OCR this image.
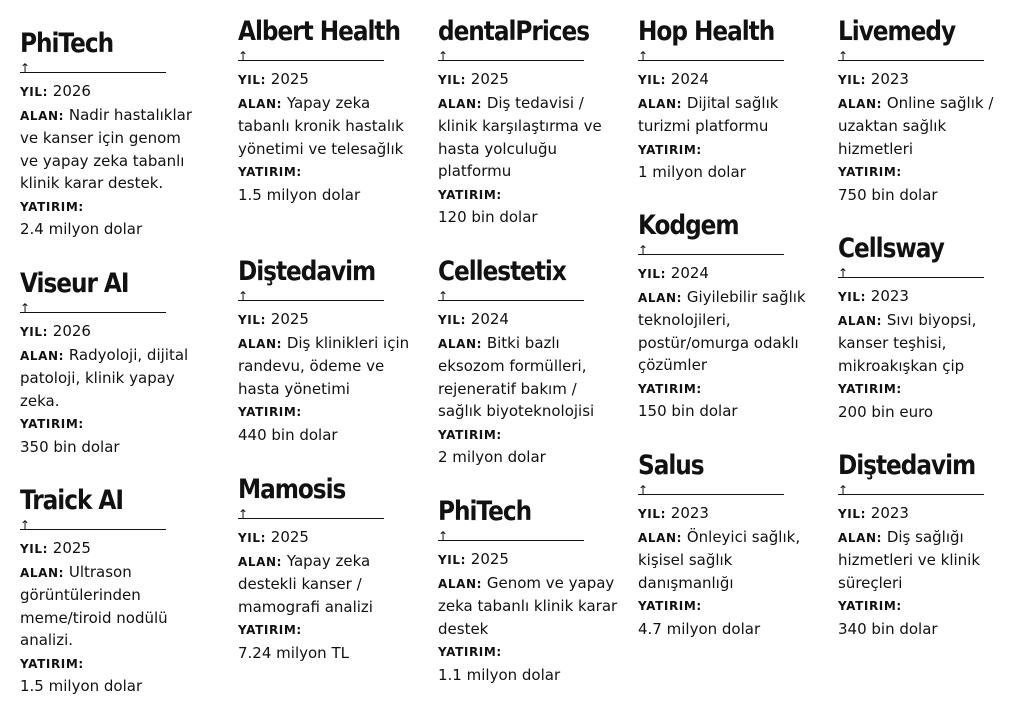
PhiTech
↑
YIL: 2026
ALAN: Nadir hastalıklar ve kanser için genom ve yapay zeka tabanlı klinik karar destek.
YATIRIM:
2.4 milyon dolar
Viseur AI
↑
YIL: 2026
ALAN: Radyoloji, dijital patoloji, klinik yapay zeka.
YATIRIM:
350 bin dolar
Traick AI
↑
YIL: 2025
ALAN: Ultrason görüntülerinden meme/tiroid nodülü analizi.
YATIRIM:
1.5 milyon dolar
Albert Health
↑
YIL: 2025
ALAN: Yapay zeka tabanlı kronik hastalık yönetimi ve telesağlık
YATIRIM:
1.5 milyon dolar
Diştedavim
↑
YIL: 2025
ALAN: Diş klinikleri için randevu, ödeme ve hasta yönetimi
YATIRIM:
440 bin dolar
Mamosis
↑
YIL: 2025
ALAN: Yapay zeka destekli kanser / mamografi analizi
YATIRIM:
7.24 milyon TL
dentalPrices
↑
YIL: 2025
ALAN: Diş tedavisi / klinik karşılaştırma ve hasta yolculuğu platformu
YATIRIM:
120 bin dolar
Cellestetix
↑
YIL: 2024
ALAN: Bitki bazlı eksozom formülleri, rejeneratif bakım / sağlık biyoteknolojisi
YATIRIM:
2 milyon dolar
PhiTech
↑
YIL: 2025
ALAN: Genom ve yapay zeka tabanlı klinik karar destek
YATIRIM:
1.1 milyon dolar
Hop Health
↑
YIL: 2024
ALAN: Dijital sağlık turizmi platformu
YATIRIM:
1 milyon dolar
Kodgem
↑
YIL: 2024
ALAN: Giyilebilir sağlık teknolojileri, postür/omurga odaklı çözümler
YATIRIM:
150 bin dolar
Salus
↑
YIL: 2023
ALAN: Önleyici sağlık, kişisel sağlık danışmanlığı
YATIRIM:
4.7 milyon dolar
Livemedy
↑
YIL: 2023
ALAN: Online sağlık / uzaktan sağlık hizmetleri
YATIRIM:
750 bin dolar
Cellsway
↑
YIL: 2023
ALAN: Sıvı biyopsi, kanser teşhisi, mikroakışkan çip
YATIRIM:
200 bin euro
Diştedavim
↑
YIL: 2023
ALAN: Diş sağlığı hizmetleri ve klinik süreçleri
YATIRIM:
340 bin dolar
